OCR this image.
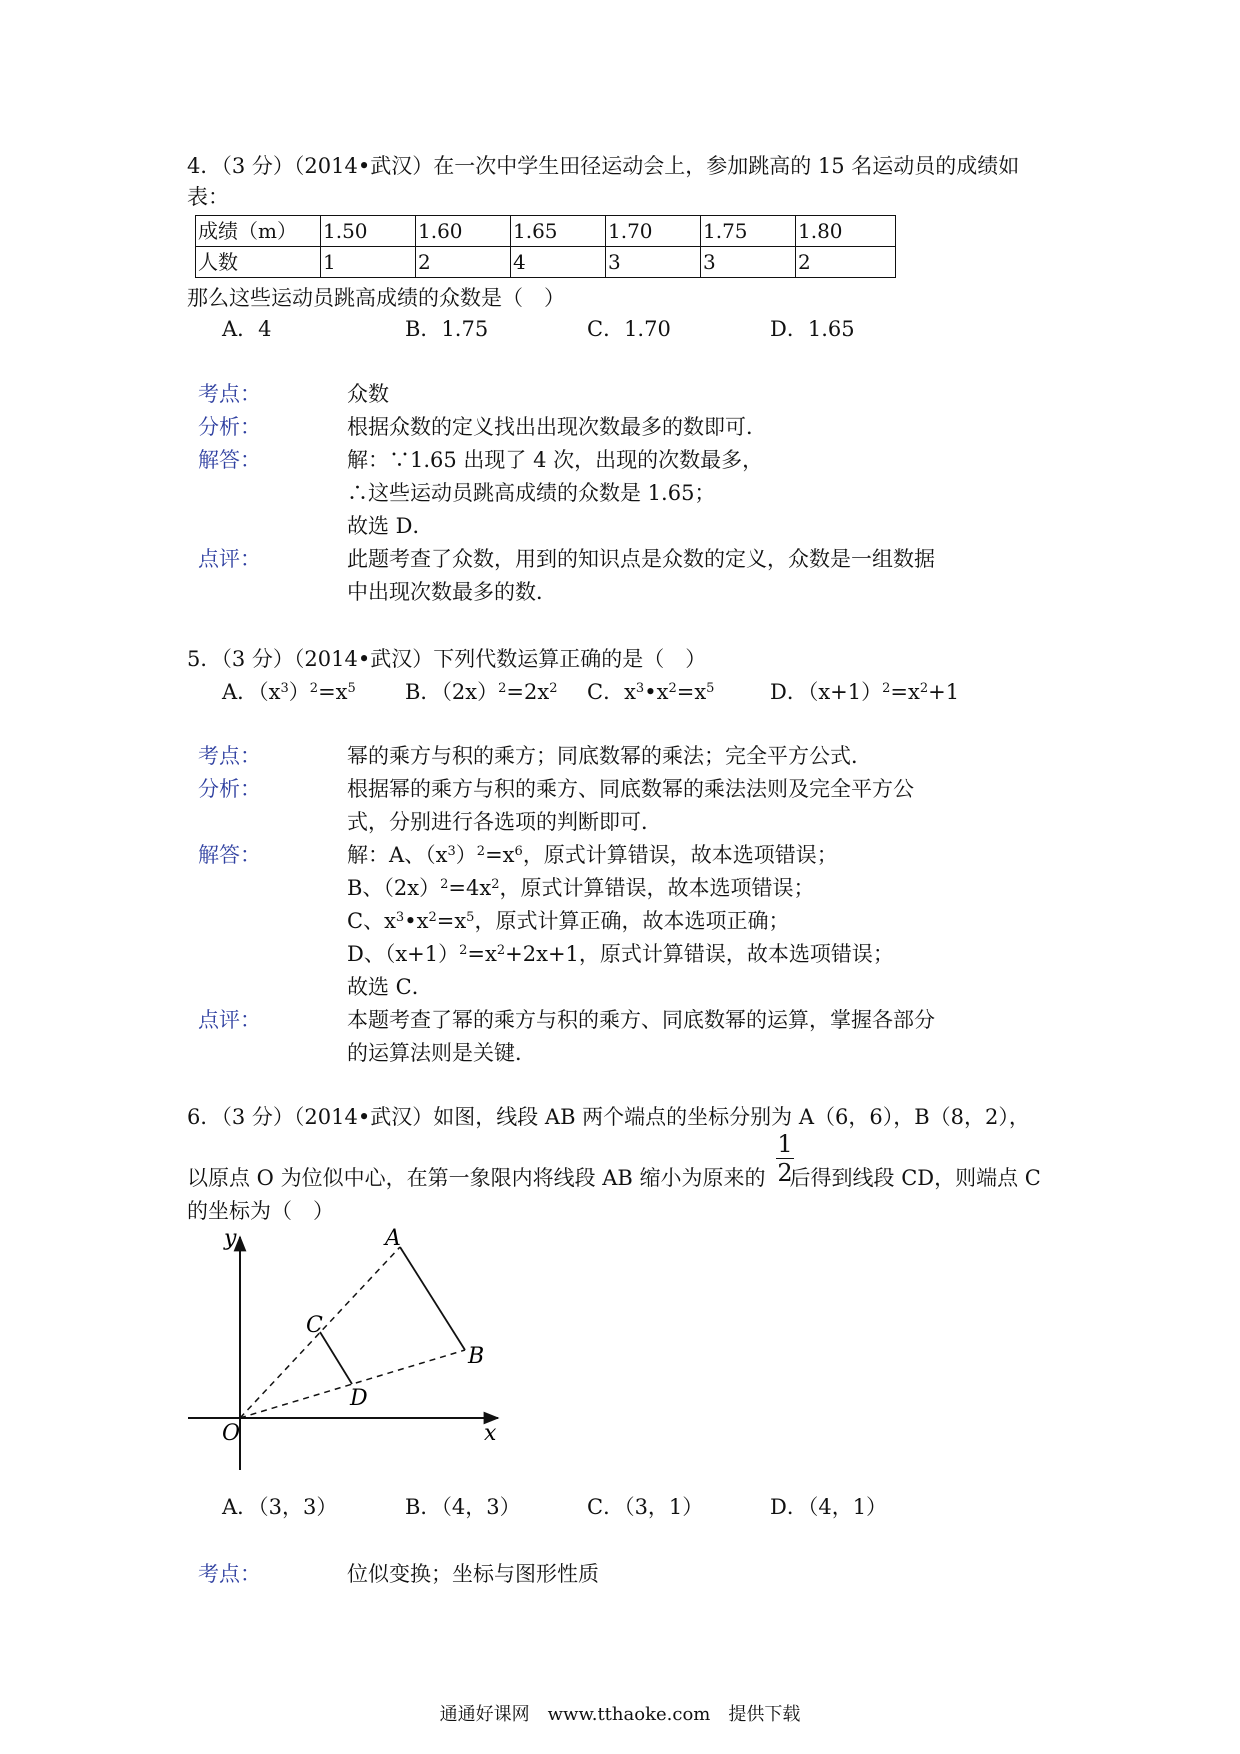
4．（3 分）（2014•武汉）在一次中学生田径运动会上，参加跳高的 15 名运动员的成绩如
表：
成绩（m）	1.50	1.60	1.65	1.70	1.75	1.80
人数	1	2	4	3	3	2
那么这些运动员跳高成绩的众数是（　）
A．4	B．1.75	C．1.70	D．1.65
考点：	众数
分析：	根据众数的定义找出出现次数最多的数即可．
解答：	解：∵1.65 出现了 4 次，出现的次数最多，
∴这些运动员跳高成绩的众数是 1.65；
故选 D．
点评：	此题考查了众数，用到的知识点是众数的定义，众数是一组数据
中出现次数最多的数．
5．（3 分）（2014•武汉）下列代数运算正确的是（　）
A．$(x^3)^2=x^5$ B．$(2x)^2=2x^2$ C．$x^3•x^2=x^5$	D．$(x+1)^2=x^2+1$
考点：	幂的乘方与积的乘方；同底数幂的乘法；完全平方公式．
分析：	根据幂的乘方与积的乘方、同底数幂的乘法法则及完全平方公
式，分别进行各选项的判断即可．
解答：	解：A、$(x^3)^2=x^6$，原式计算错误，故本选项错误；
B、$(2x)^2=4x^2$，原式计算错误，故本选项错误；
C、$x^3•x^2=x^5$，原式计算正确，故本选项正确；
D、$(x+1)^2=x^2+2x+1$，原式计算错误，故本选项错误；
故选 C．
点评：	本题考查了幂的乘方与积的乘方、同底数幂的运算，掌握各部分
的运算法则是关键．
6．（3 分）（2014•武汉）如图，线段 AB 两个端点的坐标分别为 A（6，6），B（8，2），
以原点 O 为位似中心，在第一象限内将线段 AB 缩小为原来的 后得到线段 CD，则端点 C
1
2
的坐标为（　）
y
x
O
A
B
C
D
A．（3，3）	B．（4，3）	C．（3，1）	D．（4，1）
考点：	位似变换；坐标与图形性质
通通好课网　www.tthaoke.com　提供下载
